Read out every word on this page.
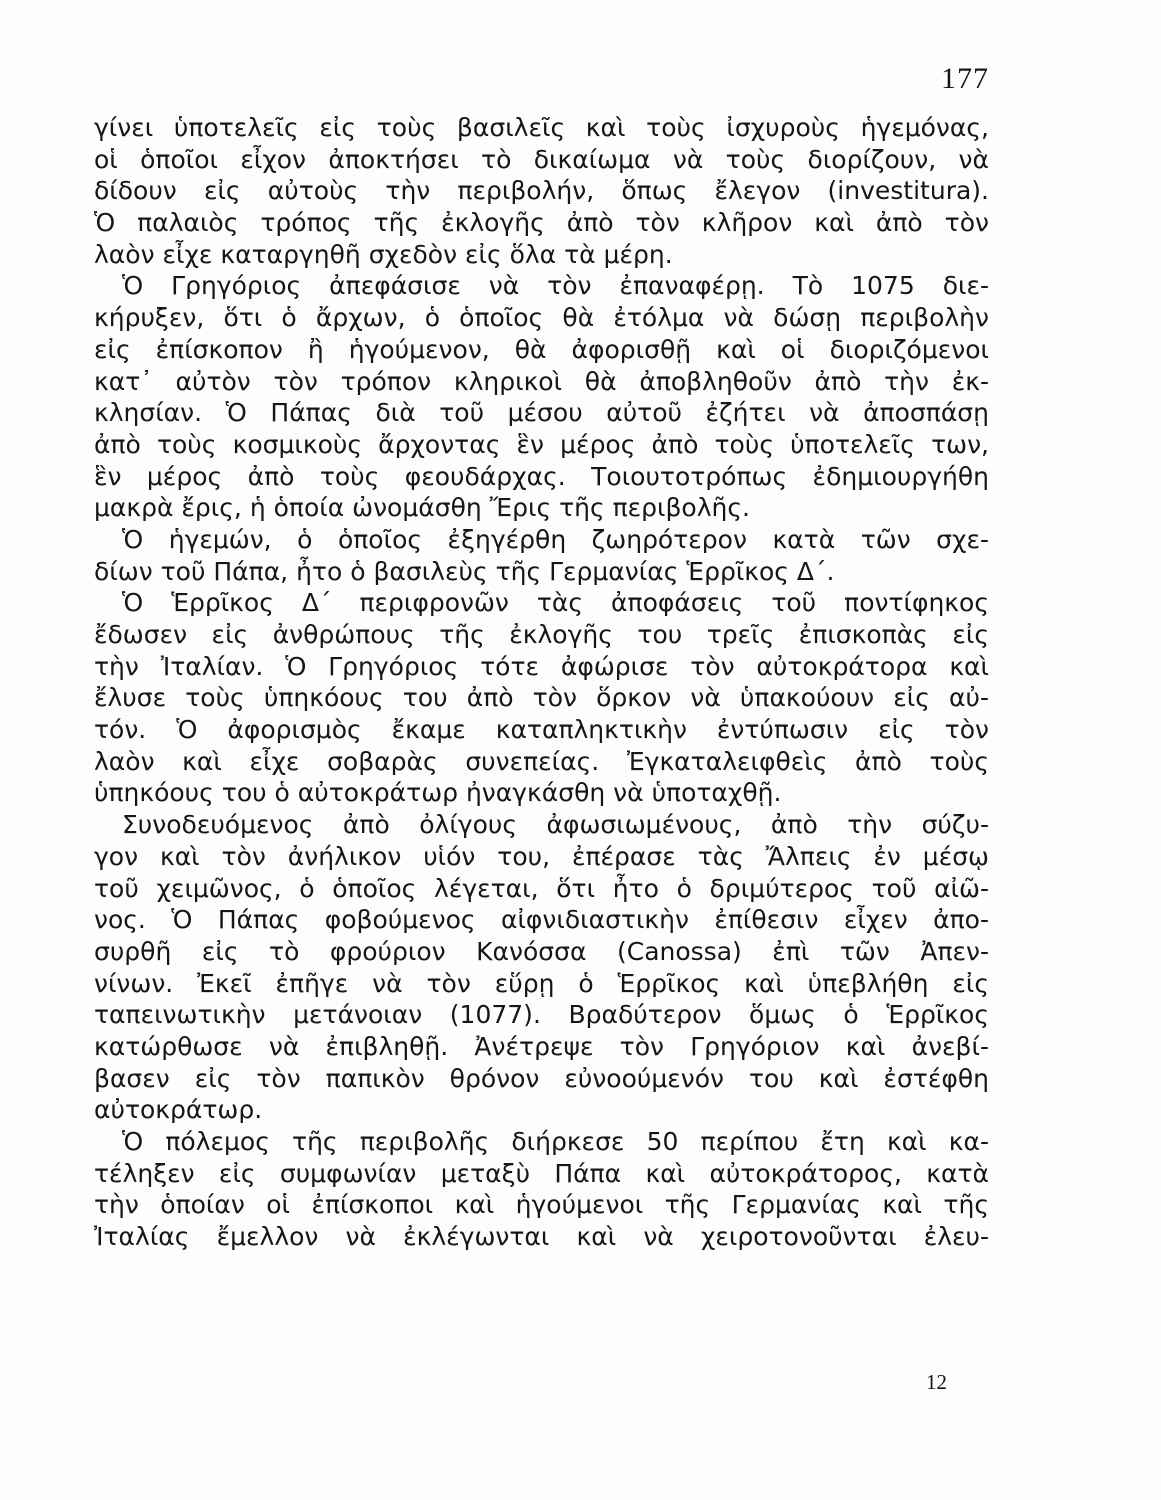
177
γίνει ὑποτελεῖς εἰς τοὺς βασιλεῖς καὶ τοὺς ἰσχυροὺς ἡγεμόνας,
οἱ ὁποῖοι εἶχον ἀποκτήσει τὸ δικαίωμα νὰ τοὺς διορίζουν, νὰ
δίδουν εἰς αὐτοὺς τὴν περιβολήν, ὅπως ἔλεγον (investitura).
Ὁ παλαιὸς τρόπος τῆς ἐκλογῆς ἀπὸ τὸν κλῆρον καὶ ἀπὸ τὸν
λαὸν εἶχε καταργηθῆ σχεδὸν εἰς ὅλα τὰ μέρη.
Ὁ Γρηγόριος ἀπεφάσισε νὰ τὸν ἐπαναφέρῃ. Τὸ 1075 διε-
κήρυξεν, ὅτι ὁ ἄρχων, ὁ ὁποῖος θὰ ἐτόλμα νὰ δώσῃ περιβολὴν
εἰς ἐπίσκοπον ἢ ἡγούμενον, θὰ ἀφορισθῇ καὶ οἱ διοριζόμενοι
κατ᾽ αὐτὸν τὸν τρόπον κληρικοὶ θὰ ἀποβληθοῦν ἀπὸ τὴν ἐκ-
κλησίαν. Ὁ Πάπας διὰ τοῦ μέσου αὐτοῦ ἐζήτει νὰ ἀποσπάσῃ
ἀπὸ τοὺς κοσμικοὺς ἄρχοντας ἓν μέρος ἀπὸ τοὺς ὑποτελεῖς των,
ἓν μέρος ἀπὸ τοὺς φεουδάρχας. Τοιουτοτρόπως ἐδημιουργήθη
μακρὰ ἔρις, ἡ ὁποία ὠνομάσθη Ἔρις τῆς περιβολῆς.
Ὁ ἡγεμών, ὁ ὁποῖος ἐξηγέρθη ζωηρότερον κατὰ τῶν σχε-
δίων τοῦ Πάπα, ἦτο ὁ βασιλεὺς τῆς Γερμανίας Ἑρρῖκος Δ΄.
Ὁ Ἑρρῖκος Δ΄ περιφρονῶν τὰς ἀποφάσεις τοῦ ποντίφηκος
ἔδωσεν εἰς ἀνθρώπους τῆς ἐκλογῆς του τρεῖς ἐπισκοπὰς εἰς
τὴν Ἰταλίαν. Ὁ Γρηγόριος τότε ἀφώρισε τὸν αὐτοκράτορα καὶ
ἔλυσε τοὺς ὑπηκόους του ἀπὸ τὸν ὅρκον νὰ ὑπακούουν εἰς αὐ-
τόν. Ὁ ἀφορισμὸς ἔκαμε καταπληκτικὴν ἐντύπωσιν εἰς τὸν
λαὸν καὶ εἶχε σοβαρὰς συνεπείας. Ἐγκαταλειφθεὶς ἀπὸ τοὺς
ὑπηκόους του ὁ αὐτοκράτωρ ἠναγκάσθη νὰ ὑποταχθῇ.
Συνοδευόμενος ἀπὸ ὀλίγους ἀφωσιωμένους, ἀπὸ τὴν σύζυ-
γον καὶ τὸν ἀνήλικον υἱόν του, ἐπέρασε τὰς Ἄλπεις ἐν μέσῳ
τοῦ χειμῶνος, ὁ ὁποῖος λέγεται, ὅτι ἦτο ὁ δριμύτερος τοῦ αἰῶ-
νος. Ὁ Πάπας φοβούμενος αἰφνιδιαστικὴν ἐπίθεσιν εἶχεν ἀπο-
συρθῆ εἰς τὸ φρούριον Κανόσσα (Canossa) ἐπὶ τῶν Ἀπεν-
νίνων. Ἐκεῖ ἐπῆγε νὰ τὸν εὕρῃ ὁ Ἑρρῖκος καὶ ὑπεβλήθη εἰς
ταπεινωτικὴν μετάνοιαν (1077). Βραδύτερον ὅμως ὁ Ἑρρῖκος
κατώρθωσε νὰ ἐπιβληθῇ. Ἀνέτρεψε τὸν Γρηγόριον καὶ ἀνεβί-
βασεν εἰς τὸν παπικὸν θρόνον εὐνοούμενόν του καὶ ἐστέφθη
αὐτοκράτωρ.
Ὁ πόλεμος τῆς περιβολῆς διήρκεσε 50 περίπου ἔτη καὶ κα-
τέληξεν εἰς συμφωνίαν μεταξὺ Πάπα καὶ αὐτοκράτορος, κατὰ
τὴν ὁποίαν οἱ ἐπίσκοποι καὶ ἡγούμενοι τῆς Γερμανίας καὶ τῆς
Ἰταλίας ἔμελλον νὰ ἐκλέγωνται καὶ νὰ χειροτονοῦνται ἐλευ-
12
